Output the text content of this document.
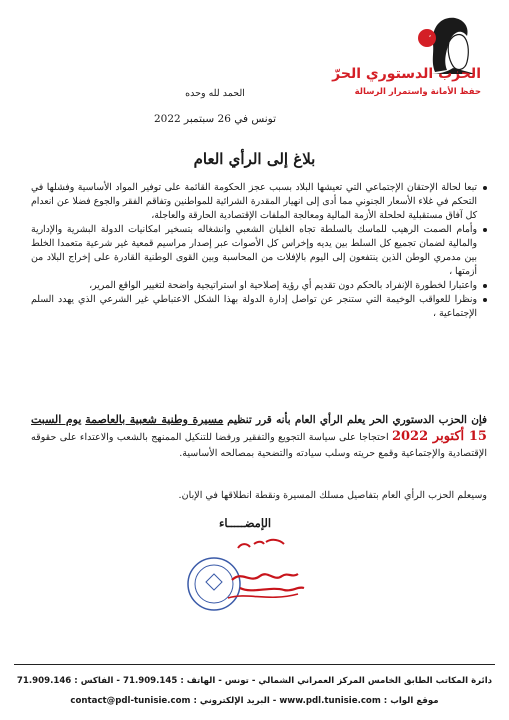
الحزب الدستوري الحرّ
حفظ الأمانة واستمرار الرسالة
الحمد لله وحده
تونس في 26 سبتمبر 2022
بلاغ إلى الرأي العام
تبعا لحالة الإحتقان الإجتماعي التي تعيشها البلاد بسبب عجز الحكومة القائمة على توفير المواد الأساسية وفشلها في التحكم في غلاء الأسعار الجنوني مما أدى إلى انهيار المقدرة الشرائية للمواطنين وتفاقم الفقر والجوع فضلا عن انعدام كل آفاق مستقبلية لحلحلة الأزمة المالية ومعالجة الملفات الإقتصادية الحارقة والعاجلة،
وأمام الصمت الرهيب للماسك بالسلطة تجاه الغليان الشعبي وانشغاله بتسخير امكانيات الدولة البشرية والإدارية والمالية لضمان تجميع كل السلط بين يديه وإخراس كل الأصوات عبر إصدار مراسيم قمعية غير شرعية متعمدا الخلط بين مدمري الوطن الذين ينتفعون إلى اليوم بالإفلات من المحاسبة وبين القوى الوطنية القادرة على إخراج البلاد من أزمتها ،
واعتبارا لخطورة الإنفراد بالحكم دون تقديم أي رؤية إصلاحية او استراتيجية واضحة لتغيير الواقع المرير،
ونظرا للعواقب الوخيمة التي ستنجر عن تواصل إدارة الدولة بهذا الشكل الاعتباطي غير الشرعي الذي يهدد السلم الإجتماعية ،
فإن الحزب الدستوري الحر يعلم الرأي العام بأنه قرر تنظيم مسيرة وطنية شعبية بالعاصمة يوم السبت 15 أكتوبر 2022 احتجاجا على سياسة التجويع والتفقير ورفضا للتنكيل الممنهج بالشعب والاعتداء على حقوقه الإقتصادية والإجتماعية وقمع حريته وسلب سيادته والتضحية بمصالحه الأساسية.
وسيعلم الحزب الرأي العام بتفاصيل مسلك المسيرة ونقطة انطلاقها في الإبان.
الإمضـــــاء
دائرة المكاتب الطابق الخامس المركز العمراني الشمالي - تونس - الهاتف : 71.909.145 - الفاكس : 71.909.146
موقع الواب : www.pdl.tunisie.com - البريد الإلكتروني : contact@pdl-tunisie.com
